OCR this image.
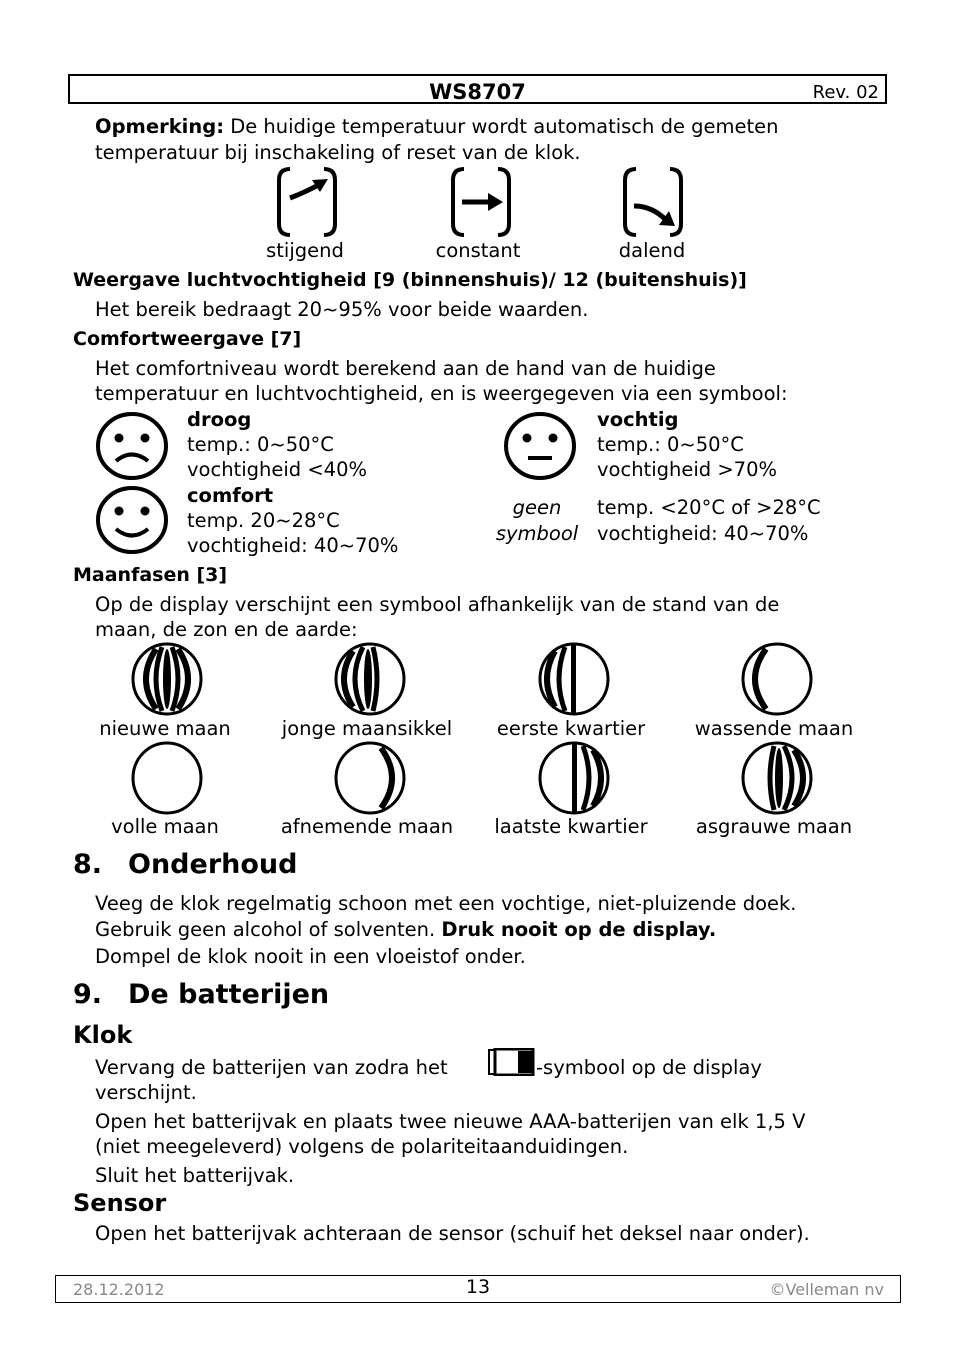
WS8707	Rev. 02
Opmerking: De huidige temperatuur wordt automatisch de gemeten
temperatuur bij inschakeling of reset van de klok.
stijgend	constant	dalend
Weergave luchtvochtigheid [9 (binnenshuis)/ 12 (buitenshuis)]
Het bereik bedraagt 20~95% voor beide waarden.
Comfortweergave [7]
Het comfortniveau wordt berekend aan de hand van de huidige
temperatuur en luchtvochtigheid, en is weergegeven via een symbool:
droog
temp.: 0~50°C
vochtigheid <40%
vochtig
temp.: 0~50°C
vochtigheid >70%
comfort
temp. 20~28°C
vochtigheid: 40~70%
geen
symbool
temp. <20°C of >28°C
vochtigheid: 40~70%
Maanfasen [3]
Op de display verschijnt een symbool afhankelijk van de stand van de
maan, de zon en de aarde:
nieuwe maan	jonge maansikkel	eerste kwartier	wassende maan
volle maan	afnemende maan	laatste kwartier	asgrauwe maan
8. Onderhoud
Veeg de klok regelmatig schoon met een vochtige, niet-pluizende doek.
Gebruik geen alcohol of solventen. Druk nooit op de display.
Dompel de klok nooit in een vloeistof onder.
9. De batterijen
Klok
Vervang de batterijen van zodra het	-symbool op de display
verschijnt.
Open het batterijvak en plaats twee nieuwe AAA-batterijen van elk 1,5 V
(niet meegeleverd) volgens de polariteitaanduidingen.
Sluit het batterijvak.
Sensor
Open het batterijvak achteraan de sensor (schuif het deksel naar onder).
28.12.2012	13	©Velleman nv
